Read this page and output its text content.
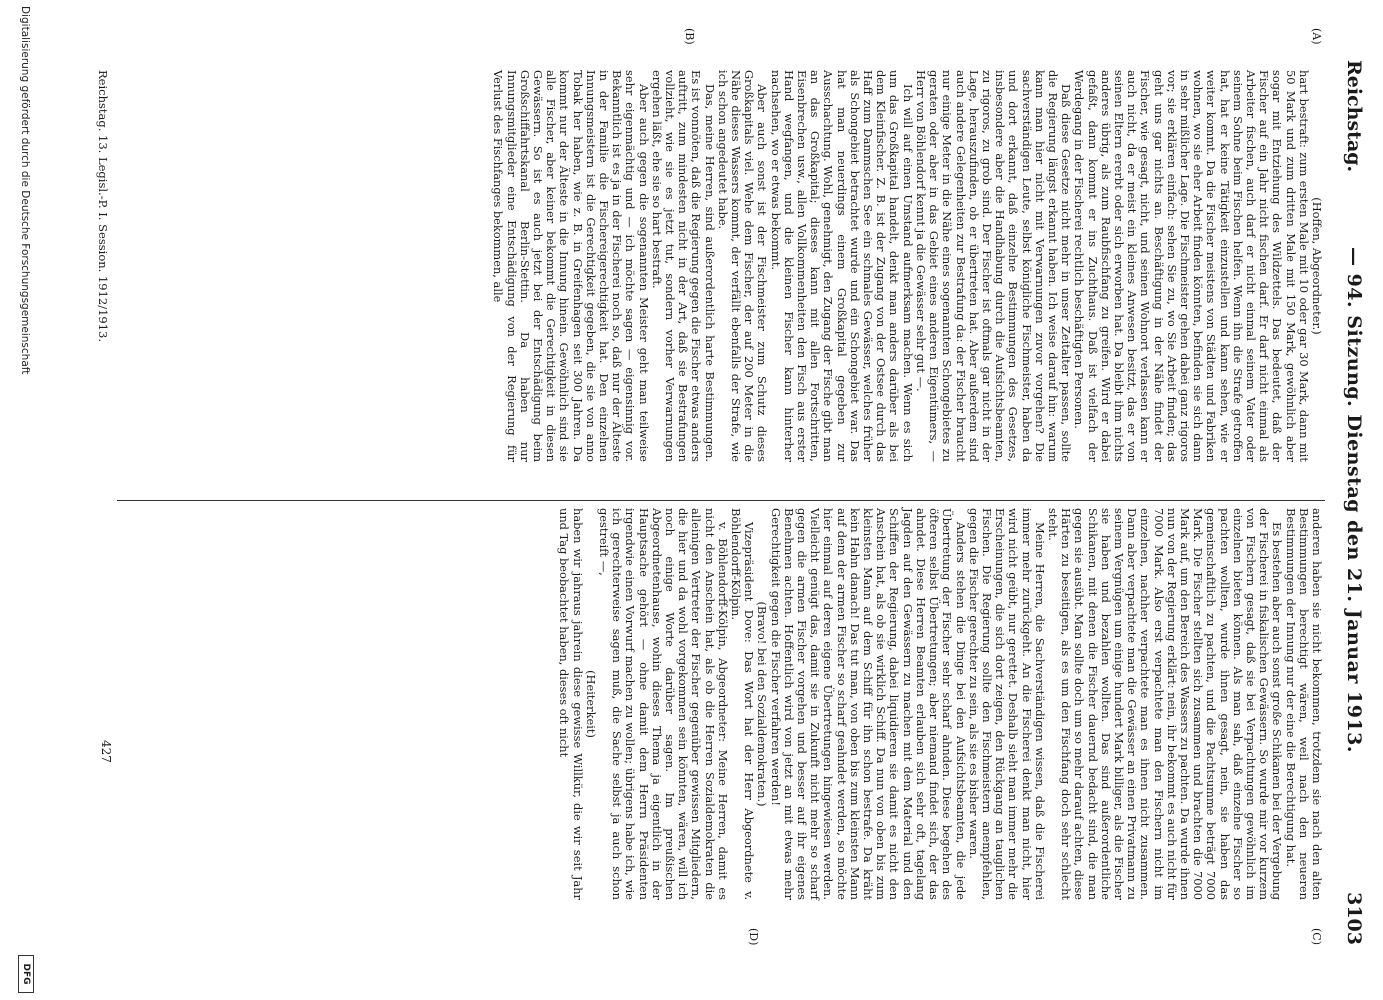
Reichstag.
— 94. Sitzung. Dienstag den 21. Januar 1913.
3103
(A)
(B)
(C)
(D)

(Hoffen, Abgeordneter.)

hart bestraft: zum ersten Male mit 10 oder gar 30 Mark, dann mit 50 Mark und zum dritten Male mit 150 Mark, gewöhnlich aber sogar mit Entziehung des Wildzettels. Das bedeutet, daß der Fischer auf ein Jahr nicht fischen darf. Er darf nicht einmal als Arbeiter fischen, auch darf er nicht einmal seinem Vater oder seinem Sohne beim Fischen helfen. Wenn ihn die Strafe getroffen hat, hat er keine Tätigkeit einzustellen und kann sehen, wie er weiter kommt. Da die Fischer meistens von Städten und Fabriken wohnen, wo sie eher Arbeit finden könnten, befinden sie sich dann in sehr mißlicher Lage. Die Fischmeister gehen dabei ganz rigoros vor; sie erklären einfach: sehen Sie zu, wo Sie Arbeit finden; das geht uns gar nichts an. Beschäftigung in der Nähe findet der Fischer, wie gesagt, nicht, und seinen Wohnort verlassen kann er auch nicht, da er meist ein kleines Anwesen besitzt, das er von seinen Eltern ererbt oder sich erworben hat. Da bleibt ihm nichts anderes übrig, als zum Raubfischfang zu greifen. Wird er dabei gefaßt, dann kommt er ins Zuchthaus. Daß ist vielfach der Werdegang in der Fischerei rechtlich beschäftigten Personen.

Daß diese Gesetze nicht mehr in unser Zeitalter passen, sollte die Regierung längst erkannt haben. Ich weise darauf hin: warum kann man hier nicht mit Verwarnungen zuvor vorgehen? Die sachverständigen Leute, selbst königliche Fischmeister, haben da und dort erkannt, daß einzelne Bestimmungen des Gesetzes, insbesondere aber die Handhabung durch die Aufsichtsbeamten, zu rigoros, zu grob sind. Der Fischer ist oftmals gar nicht in der Lage, herauszufinden, ob er übertreten hat. Aber außerdem sind auch andere Gelegenheiten zur Bestrafung da: der Fischer braucht nur einige Meter in die Nähe eines sogenannten Schongebietes zu geraten oder aber in das Gebiet eines anderen Eigentümers, — Herr von Böhlendorf kennt ja die Gewässer sehr gut —.

Ich will auf einen Umstand aufmerksam machen. Wenn es sich um das Großkapital handelt, denkt man anders darüber als bei dem Kleinfischer. Z. B. ist der Zugang von der Ostsee durch das Haff zum Dammschen See ein schmales Gewässer, welches früher als Schongebiet betrachtet wurde und ein Schongebiet war. Das hat man neuerdings einem Großkapital gegeben zur Ausschachtung. Wohl, genehmigt, den Zugang der Fische gibt man an das Großkapital; dieses kann mit allen Fortschritten, Eisenbrechen usw., allen Vollkommenheiten den Fisch aus erster Hand wegfangen, und die kleinen Fischer kann hinterher nachsehen, wo er etwas bekommt.

Aber auch sonst ist der Fischmeister zum Schutz dieses Großkapitals viel. Wehe dem Fischer, der auf 200 Meter in die Nähe dieses Wassers kommt, der verfällt ebenfalls der Strafe, wie ich schon angedeutet habe.

Das, meine Herren, sind außerordentlich harte Bestimmungen. Es ist vonnöten, daß die Regierung gegen die Fischer etwas anders auftritt, zum mindesten nicht in der Art, daß sie Bestrafungen vollzieht, wie sie es jetzt tut, sondern vorher Verwarnungen ergehen läßt, ehe sie so hart bestraft.

Aber auch gegen die sogenannten Meister geht man teilweise sehr eigenmächtig und — ich möchte sagen — eigensinnig vor. Bekanntlich ist es ja in der Fischerei noch so, daß nur der Älteste in der Familie die Fischereigerechtigkeit hat. Den einzelnen Innungsmeistern ist die Gerechtigkeit gegeben, die sie von anno Tobak her haben, wie z. B. in Greifenhagen seit 300 Jahren. Da kommt nur der Älteste in die Innung hinein. Gewöhnlich sind sie alle Fischer, aber keiner bekommt die Gerechtigkeit in diesen Gewässern. So ist es auch jetzt bei der Entschädigung beim Großschiffahrtskanal Berlin-Stettin. Da haben nur Innungsmitglieder eine Entschädigung von der Regierung für Verlust des Fischfanges bekommen, alle

anderen haben sie nicht bekommen, trotzdem sie nach den alten Bestimmungen berechtigt wären, weil nach den neueren Bestimmungen der Innung nur der eine die Berechtigung hat.

Es bestehen aber auch sonst große Schikanen bei der Vergebung der Fischerei in fiskalischen Gewässern. So wurde mir vor kurzem von Fischern gesagt, daß sie bei Verpachtungen gewöhnlich im einzelnen bieten können. Als man sah, daß einzelne Fischer so pachten wollten, wurde ihnen gesagt, nein, sie haben das gemeinschaftlich zu pachten, und die Pachtsumme beträgt 7000 Mark. Die Fischer stellten sich zusammen und brachten die 7000 Mark auf, um den Bereich des Wassers zu pachten. Da wurde ihnen nun von der Regierung erklärt: nein, ihr bekommt es auch nicht für 7000 Mark. Also erst verpachtete man den Fischern nicht im einzelnen, nachher verpachtete man es ihnen nicht zusammen. Dann aber verpachtete man die Gewässer an einen Privatmann zu seinem Vergnügen um einige hundert Mark billiger, als die Fischer sie haben und bezahlen wollten. Das sind außerordentliche Schikanen, mit denen die Fischer dauernd bedacht sind, die man gegen sie ausübt. Man sollte doch um so mehr darauf achten, diese Härten zu beseitigen, als es um den Fischfang doch sehr schlecht steht.

Meine Herren, die Sachverständigen wissen, daß die Fischerei immer mehr zurückgeht. An die Fischerei denkt man nicht, hier wird nicht geübt, nur gerettet. Deshalb sieht man immer mehr die Erscheinungen, die sich dort zeigen, den Rückgang an tauglichen Fischen. Die Regierung sollte den Fischmeistern anempfehlen, gegen die Fischer gerechter zu sein, als sie es bisher waren.

Anders stehen die Dinge bei den Aufsichtsbeamten, die jede Übertretung der Fischer sehr scharf ahnden. Diese begehen des öfteren selbst Übertretungen; aber niemand findet sich, der das ahndet. Diese Herren Beamten erlauben sich sehr oft, tagelang Jagden auf den Gewässern zu machen mit dem Material und den Schiffen der Regierung, dabei liquidieren sie damit es nicht den Anschein hat, als ob sie wirklich Schiff. Da nun von oben bis zum kleinsten Mann auf dem Schiff für ihn schon bestrafe. Da kräht kein Hahn danach! Das tut man, von oben bis zum kleinsten Mann auf dem der armen Fischer so scharf geahndet werden, so möchte hier einmal auf deren eigene Übertretungen hingewiesen werden. Vielleicht genügt das, damit sie in Zukunft nicht mehr so scharf gegen die armen Fischer vorgehen und besser auf ihr eigenes Benehmen achten. Hoffentlich wird von jetzt an mit etwas mehr Gerechtigkeit gegen die Fischer verfahren werden!

(Bravo! bei den Sozialdemokraten.)

Vizepräsident Dove: Das Wort hat der Herr Abgeordnete v. Böhlendorff-Kölpin.

v. Böhlendorff-Kölpin, Abgeordneter: Meine Herren, damit es nicht den Anschein hat, als ob die Herren Sozialdemokraten die alleinigen Vertreter der Fischer gegenüber gewissen Mitgliedern, die hier und da wohl vorgekommen sein könnten, wären, will ich noch einige Worte darüber sagen. Im preußischen Abgeordnetenhause, wohin dieses Thema ja eigentlich in der Hauptsache gehört — ohne damit dem Herrn Präsidenten irgendwie einen Vorwurf machen zu wollen; übrigens habe ich, wie ich gerechterweise sagen muß, die Sache selbst ja auch schon gestreift —,

(Heiterkeit)

haben wir jahraus jahrein diese gewisse Willkür, die wir seit Jahr und Tag beobachtet haben, dieses oft nicht

Reichstag. 13. Legisl.-P. I. Session. 1912/1913.
427
Digitalisierung gefördert durch die Deutsche Forschungsgemeinschaft
DFG
